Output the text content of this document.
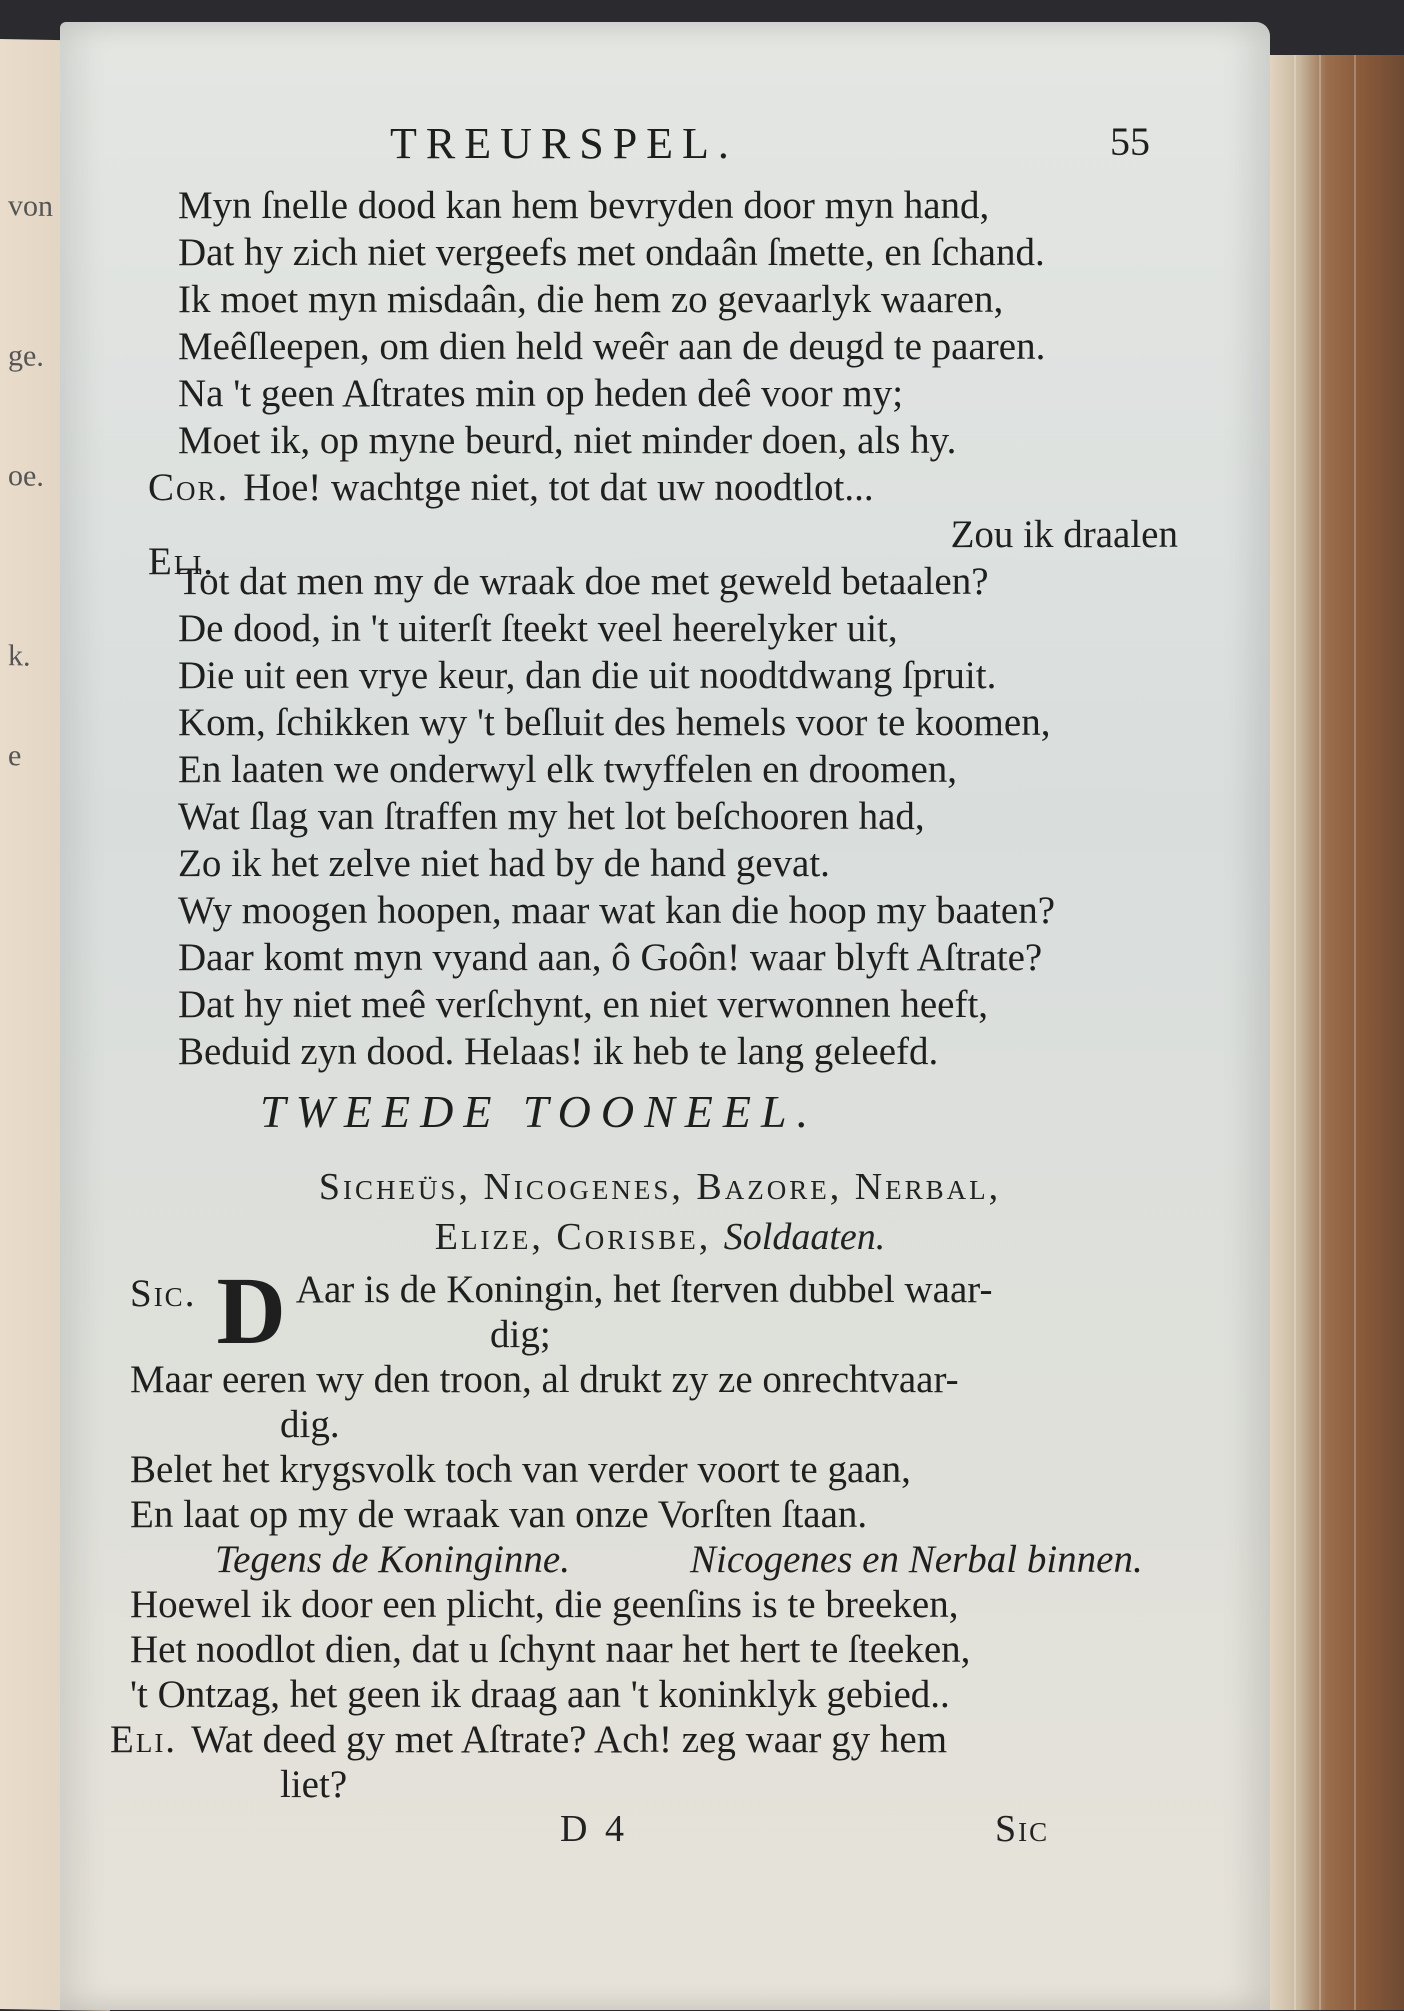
von
ge.
oe.
k.
e
TREURSPEL.	55
Myn ſnelle dood kan hem bevryden door myn hand,
Dat hy zich niet vergeefs met ondaân ſmette, en ſchand.
Ik moet myn misdaân, die hem zo gevaarlyk waaren,
Meêſleepen, om dien held weêr aan de deugd te paaren.
Na 't geen Aſtrates min op heden deê voor my;
Moet ik, op myne beurd, niet minder doen, als hy.
Cor. Hoe! wachtge niet, tot dat uw noodtlot...
Zou ik draalen
Eli.
Tot dat men my de wraak doe met geweld betaalen?
De dood, in 't uiterſt ſteekt veel heerelyker uit,
Die uit een vrye keur, dan die uit noodtdwang ſpruit.
Kom, ſchikken wy 't beſluit des hemels voor te koomen,
En laaten we onderwyl elk twyffelen en droomen,
Wat ſlag van ſtraffen my het lot beſchooren had,
Zo ik het zelve niet had by de hand gevat.
Wy moogen hoopen, maar wat kan die hoop my baaten?
Daar komt myn vyand aan, ô Goôn! waar blyft Aſtrate?
Dat hy niet meê verſchynt, en niet verwonnen heeft,
Beduid zyn dood. Helaas! ik heb te lang geleefd.
TWEEDE TOONEEL.
Sicheüs, Nicogenes, Bazore, Nerbal,
Elize, Corisbe, Soldaaten.
Sic. D Aar is de Koningin, het ſterven dubbel waar-
dig;
Maar eeren wy den troon, al drukt zy ze onrechtvaar-
dig.
Belet het krygsvolk toch van verder voort te gaan,
En laat op my de wraak van onze Vorſten ſtaan.
Tegens de Koninginne.	Nicogenes en Nerbal binnen.
Hoewel ik door een plicht, die geenſins is te breeken,
Het noodlot dien, dat u ſchynt naar het hert te ſteeken,
't Ontzag, het geen ik draag aan 't koninklyk gebied..
Eli. Wat deed gy met Aſtrate? Ach! zeg waar gy hem
liet?
D 4	Sic
